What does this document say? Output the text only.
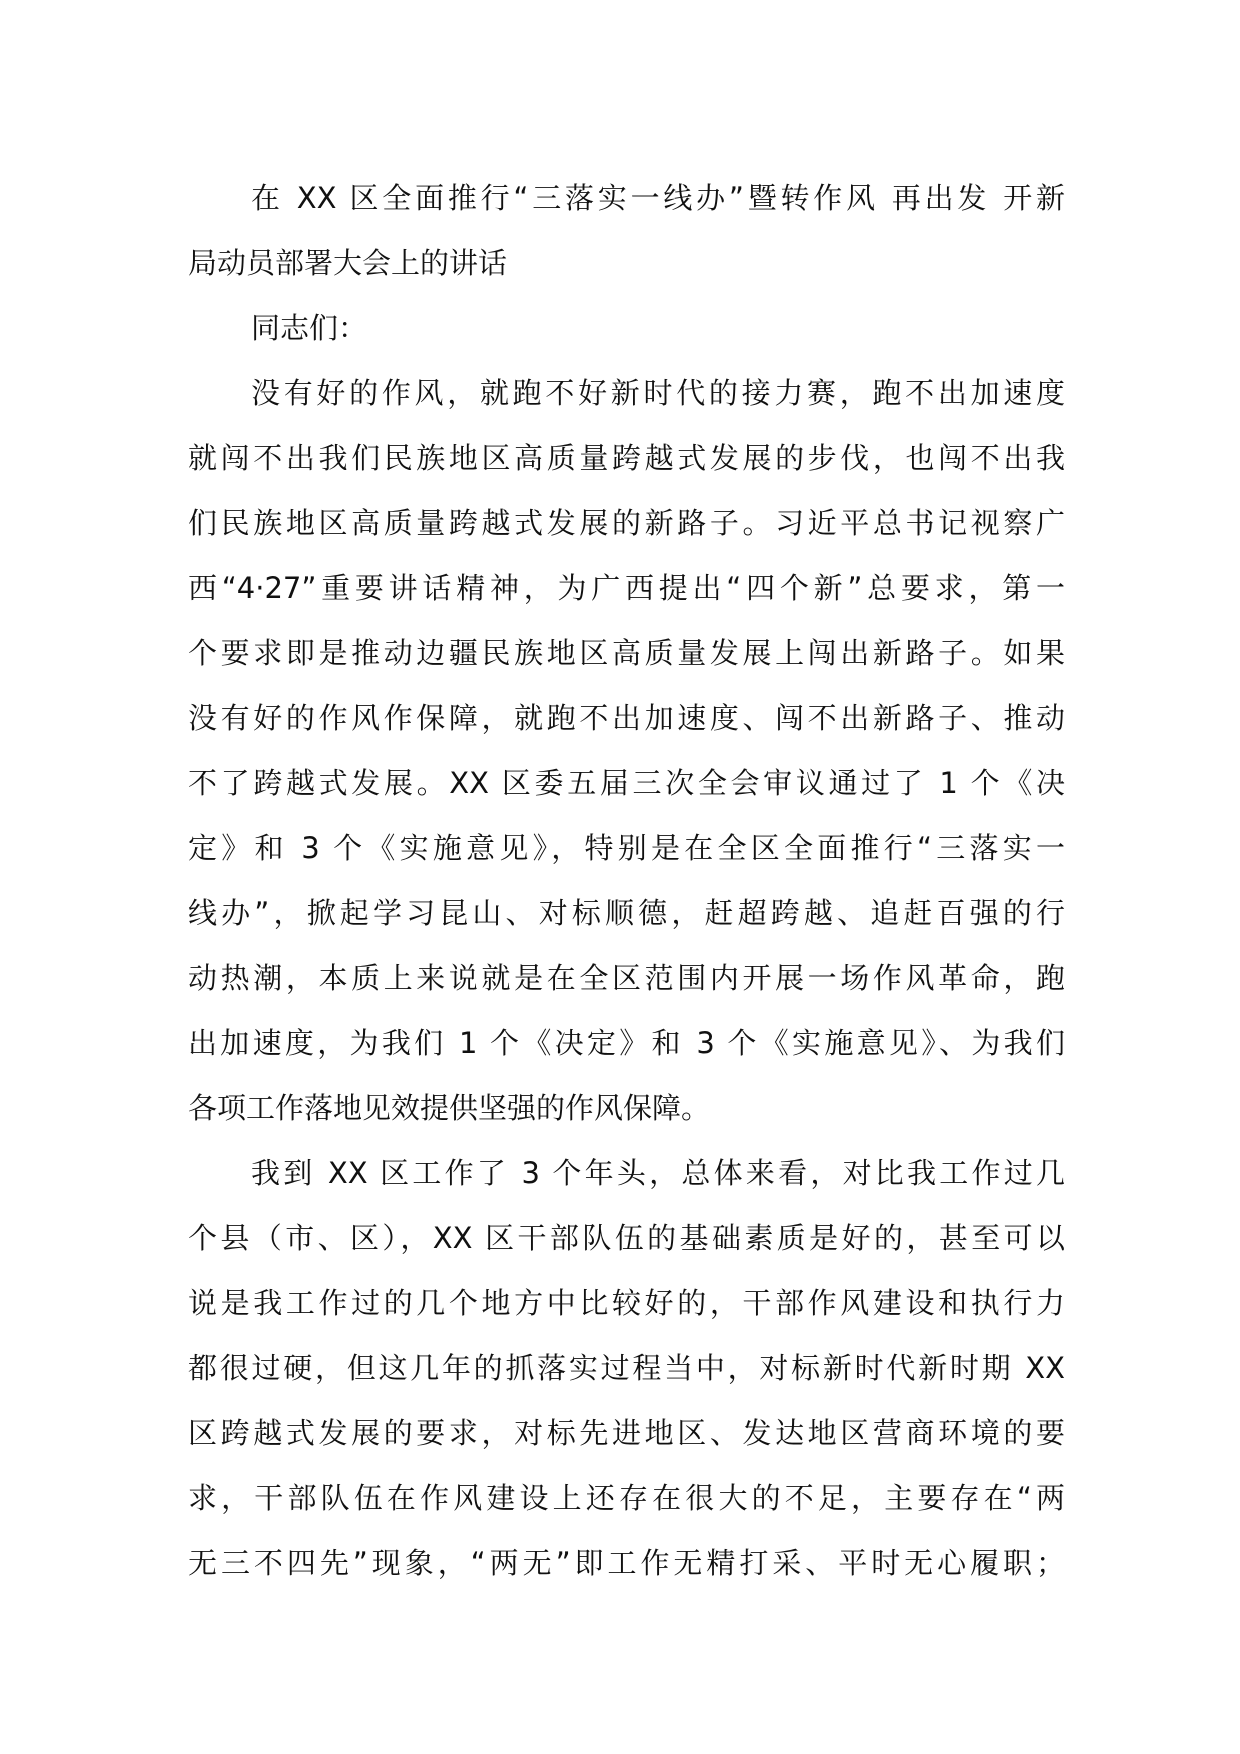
在 XX 区全面推行“三落实一线办”暨转作风 再出发 开新
局动员部署大会上的讲话
同志们：
没有好的作风，就跑不好新时代的接力赛，跑不出加速度
就闯不出我们民族地区高质量跨越式发展的步伐，也闯不出我
们民族地区高质量跨越式发展的新路子。习近平总书记视察广
西“4·27”重要讲话精神，为广西提出“四个新”总要求，第一
个要求即是推动边疆民族地区高质量发展上闯出新路子。如果
没有好的作风作保障，就跑不出加速度、闯不出新路子、推动
不了跨越式发展。XX 区委五届三次全会审议通过了 1 个《决
定》和 3 个《实施意见》，特别是在全区全面推行“三落实一
线办”，掀起学习昆山、对标顺德，赶超跨越、追赶百强的行
动热潮，本质上来说就是在全区范围内开展一场作风革命，跑
出加速度，为我们 1 个《决定》和 3 个《实施意见》、为我们
各项工作落地见效提供坚强的作风保障。
我到 XX 区工作了 3 个年头，总体来看，对比我工作过几
个县（市、区），XX 区干部队伍的基础素质是好的，甚至可以
说是我工作过的几个地方中比较好的，干部作风建设和执行力
都很过硬，但这几年的抓落实过程当中，对标新时代新时期 XX
区跨越式发展的要求，对标先进地区、发达地区营商环境的要
求，干部队伍在作风建设上还存在很大的不足，主要存在“两
无三不四先”现象，“两无”即工作无精打采、平时无心履职；
